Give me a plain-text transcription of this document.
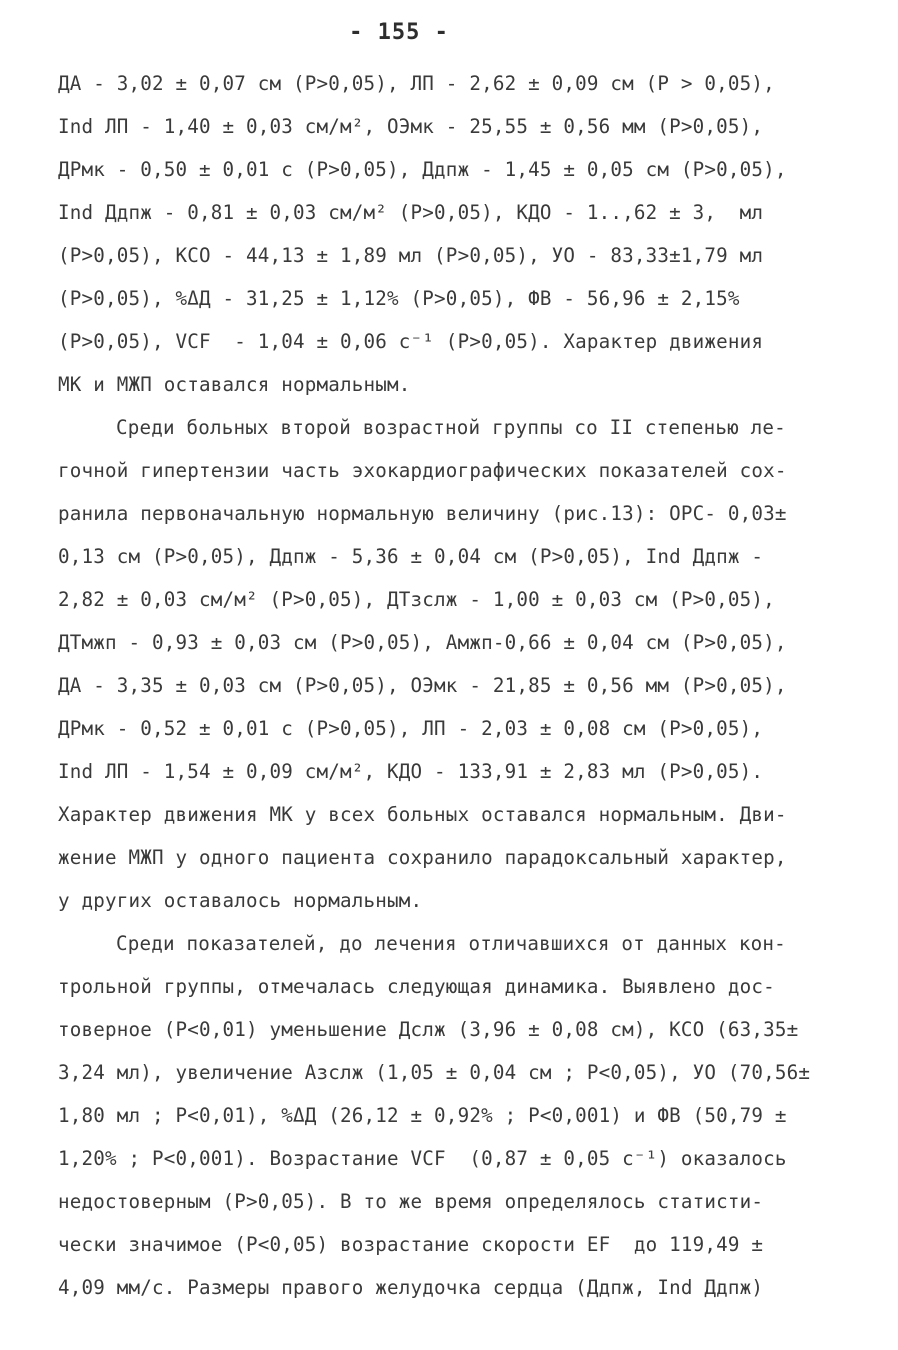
- 155 -
ДА - 3,02 ± 0,07 см (Р>0,05), ЛП - 2,62 ± 0,09 см (Р > 0,05),
Ind ЛП - 1,40 ± 0,03 см/м², ОЭмк - 25,55 ± 0,56 мм (Р>0,05),
ДРмк - 0,50 ± 0,01 с (Р>0,05), Ддпж - 1,45 ± 0,05 см (Р>0,05),
Ind Ддпж - 0,81 ± 0,03 см/м² (Р>0,05), КДО - 1..,62 ± 3,  мл
(Р>0,05), КСО - 44,13 ± 1,89 мл (Р>0,05), УО - 83,33±1,79 мл
(Р>0,05), %ΔД - 31,25 ± 1,12% (Р>0,05), ФВ - 56,96 ± 2,15%
(Р>0,05), VCF  - 1,04 ± 0,06 с⁻¹ (Р>0,05). Характер движения
МК и МЖП оставался нормальным.
Среди больных второй возрастной группы со II степенью ле-
гочной гипертензии часть эхокардиографических показателей сох-
ранила первоначальную нормальную величину (рис.13): ОРС- 0,03±
0,13 см (Р>0,05), Ддпж - 5,36 ± 0,04 см (Р>0,05), Ind Ддпж -
2,82 ± 0,03 см/м² (Р>0,05), ДТзслж - 1,00 ± 0,03 см (Р>0,05),
ДТмжп - 0,93 ± 0,03 см (Р>0,05), Амжп-0,66 ± 0,04 см (Р>0,05),
ДА - 3,35 ± 0,03 см (Р>0,05), ОЭмк - 21,85 ± 0,56 мм (Р>0,05),
ДРмк - 0,52 ± 0,01 с (Р>0,05), ЛП - 2,03 ± 0,08 см (Р>0,05),
Ind ЛП - 1,54 ± 0,09 см/м², КДО - 133,91 ± 2,83 мл (Р>0,05).
Характер движения МК у всех больных оставался нормальным. Дви-
жение МЖП у одного пациента сохранило парадоксальный характер,
у других оставалось нормальным.
Среди показателей, до лечения отличавшихся от данных кон-
трольной группы, отмечалась следующая динамика. Выявлено дос-
товерное (Р<0,01) уменьшение Дслж (3,96 ± 0,08 см), КСО (63,35±
3,24 мл), увеличение Азслж (1,05 ± 0,04 см ; Р<0,05), УО (70,56±
1,80 мл ; Р<0,01), %ΔД (26,12 ± 0,92% ; Р<0,001) и ФВ (50,79 ±
1,20% ; Р<0,001). Возрастание VCF  (0,87 ± 0,05 с⁻¹) оказалось
недостоверным (Р>0,05). В то же время определялось статисти-
чески значимое (Р<0,05) возрастание скорости EF  до 119,49 ±
4,09 мм/с. Размеры правого желудочка сердца (Ддпж, Ind Ддпж)
